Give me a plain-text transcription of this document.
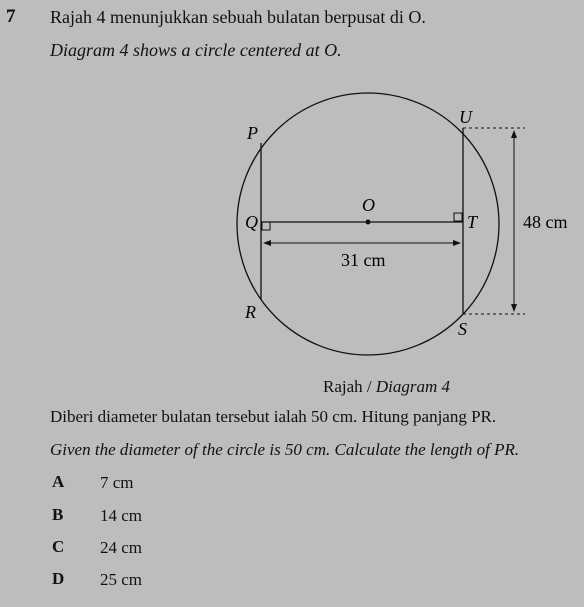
7 Rajah 4 menunjukkan sebuah bulatan berpusat di O.
Diagram 4 shows a circle centered at O.
P
Q
R
O
U
T
S
31 cm
48 cm
Rajah / Diagram 4
Diberi diameter bulatan tersebut ialah 50 cm. Hitung panjang PR.
Given the diameter of the circle is 50 cm. Calculate the length of PR.
A 7 cm
B 14 cm
C 24 cm
D 25 cm
